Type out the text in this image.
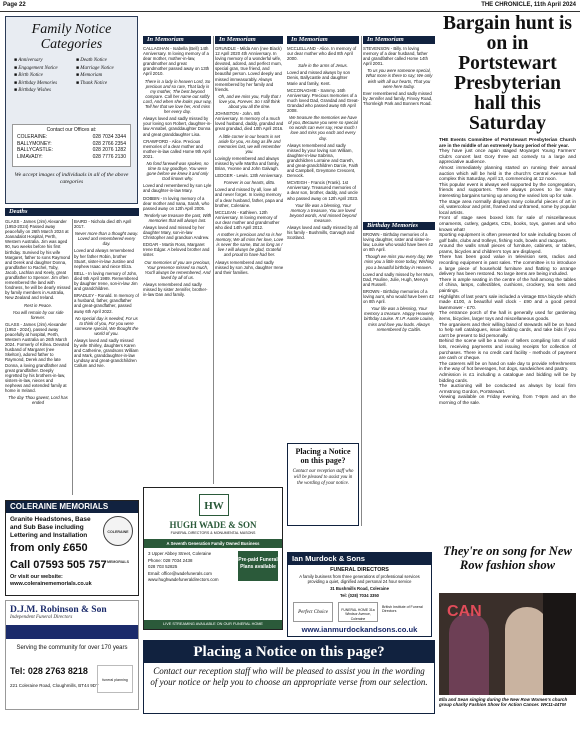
Page 22	THE CHRONICLE, 11th April 2024
Family Notice Categories
■ Anniversary
■ Engagement Notice
■ Birth Notice
■ Birthday Memories
■ Birthday Wishes
■ Death Notice
■ Marriage Notice
■ Memoriam
■ Thank Notice
Contact our Offices at:
COLERAINE:	028 7034 3344
BALLYMONEY:	028 2766 2354
BALLYCASTLE:	028 2076 1282
LIMAVADY:	028 7776 2130
We accept images of individuals in all of the above categories
Deaths

GLASS - James (Jim) Alexander (1953-2024) Passed away peacefully on 26th March 2024 at Joanadalot Hospital, Perth, Western Australia. Jim was aged 90, two weeks before his first birthday. Survived by his wife Margaret, father to sons Raymond and Derek and daughter Donna, grandfather to Rachel, Toby, Jacob, Lachlan and Keely, great grandfather to Spencer. Jim often remembered the land with fondness, he will be dearly missed by family members in Australia, New Zealand and Ireland.

Rest in Peace.

You will remain by our side forever.

GLASS - James (Jim) Alexander (1953 - 2024), passed away peacefully at hospital, Perth, Western Australia on 26th March 2024. Formerly of Kilrea. Devoted husband of Margaret (nee Skelton), adored father to Raymond, Derek and the late Donna, a loving grandfather and great grandfather. Deeply regretted by his brothers-in-law, sisters-in-law, nieces and nephews and extended family at home in Ireland.

The day Thou gavest, Lord has ended

BAIRD - Nichola died 4th April 2017.

Never more than a thought away. Loved and remembered every day.

Loved and always remembered by her father Robin, brother Stuart, sister-in-law Justine and nephew Isaac and niece Eliza.

BELL - In loving memory of John, died 9th April 1989. Remembered by daughter Irene, son-in-law Jim and grandchildren.

BRADLEY - Ronald. In memory of a husband, father, grandfather and great-grandfather, passed away 6th April 2022.

No special day is needed, For us to think of you, For you were someone special, We thought the world of you.

Always loved and sadly missed by wife Shirley, daughters Karen and Catherine, grandsons William and Mark, granddaughter-in-law Lyndsay and great-grandchildren Callum and Ivie.

COLERAINE MEMORIALS
COLERAINE MEMORIALS
Granite Headstones, Base and Sub Base including Lettering and Installation
from only £650
Call 07593 505 757
Or visit our website: www.colerainememorials.co.uk
D.J.M. Robinson & Son
Independent Funeral Directors
Serving the community for over 170 years
Tel: 028 2763 8218
221 Coleraine Road, Cloughmills, BT44 9DT
funeral planning
In Memoriam

CALLAGHAN - Isabella (Bell) 14th Anniversary. In loving memory of a dear mother, mother-in-law, grandmother and great grandmother passed away on 13th April 2010.

There is a lady in heaven Lord, So precious and so rare, That lady is my mother, The best beyond compare. Call her name out softly Lord, And when she looks your way, Tell her that we love her, And miss her every day.

Always loved and sadly missed by your loving son Robert, daughter-in-law Annabel, granddaughter Donna and great granddaughter Lisa.

CRAWFORD - Alice. Precious memories of a dear mother and mother-in-law called Home 9th April 2021.

No fond farewell was spoken, no time to say goodbye, You were gone before we knew it and only God knows why.

Loved and remembered by son Lyle and daughter-in-law Mary.

DOBBIN - In loving memory of a dear mother and nana, Sarah, who passed away on 12th April 2005.

Tenderly we treasure the past, With memories that will always last.

Always loved and missed by her daughter Mary, son-in-law Christopher and grandson Andrew.

EDGAR - Martin Ross, Margaret Irene Edgar. A beloved brother and sister.

Our memories of you are precious, Your presence missed so much, You'll always be remembered, And loved by all of us.

Always remembered and sadly missed by sister Jennifer, brother-in-law Dan and family.

In Memoriam

GRUNDLE - Milda Ann (nee Black) 12 April 2020 4th Anniversary. In loving memory of a wonderful wife, devoted, adored, and perfect mum, special gran, true friend, and beautiful person. Loved deeply and missed immeasurably. Always remembered by her family and friends.

Oh, and we miss you, Fully that I love you, Forever. So I still think about you all the time.

JOHNSTON - John. 8th Anniversary. In memory of a much loved husband, daddy, grandad and great grandad, died 10th April 2016.

A little corner in our hearts is set aside for you, As long as life and memories last, we will remember you.

Lovingly remembered and always missed by wife Martha and family, Brian, Yvonne and John Galvagh.

LEDGER - Lewis. 13th Anniversary.

Forever in our hearts, ditto.

Loved and missed by all, love all and never forget. In loving memory of a dear husband, father, papa and brother, Coleraine.

MCCLEAN - Kathleen. 12th Anniversary. In loving memory of our dear mother and grandmother who died 14th April 2012.

A mother is precious and so is her memory, We all miss her love, Love is never the same, But as long as I live I will always be glad, Grateful and proud to have had her.

Always remembered and sadly missed by son John, daughter Irene and their families.

In Memoriam

MCCLELLAND - Alice. In memory of our dear mother who died 8th April 2000.

Safe in the arms of Jesus.

Loved and missed always by son Denis, Ballycastle and daughter Marie and family, Kent.

MCCONAGHIE - Sammy. 16th Anniversary. Precious memories of a much loved Dad, Grandad and Great-Grandad who passed away 6th April 2008.

We treasure the memories we have of you, Because you were so special no words can ever say, How much I love and miss you each and every day.

Always remembered and sadly missed by your loving son William, daughter-in-law Sabrina, grandchildren Lorraine and Gareth, and great-grandchildren Darcie, Faith and Campbell, Greystone Crescent, Dervock.

MCVEIGH - Francis (Frank). 1st Anniversary. Treasured memories of a dear son, brother, daddy, and uncle who passed away on 12th April 2023.

Your life was a blessing, Your memory a treasure, You are loved beyond words, And missed beyond measure.

Always loved and sadly missed by all his family - Bushmills, Garvagh and Scotland.

In Memoriam

STEVENSON - Billy. In loving memory of a dear husband, father and grandfather called Home 14th April 2001.

To us you were someone special, What more is there to say; We only wish with all our hearts, That you were here today.

Ever remembered and sadly missed by Jennifer and family, Finvoy Road, Thornleigh Park and Bonners Road.

Birthday Memories

BROWN - Birthday memories of a loving daughter, sister and sister-in-law, Louise who would have been 42 on 8th April.

Though we miss you every day, We miss you a little more today, Wishing you a beautiful birthday in Heaven.

Loved and sadly missed by her Mum, Dad, Pauline, Julie, Hugh, Mervyn and Russell.

BROWN - Birthday memories of a loving aunt, who would have been 42 on 8th April.

Your life was a blessing, Your memory a treasure. Happy Heavenly birthday Louise. R.I.P. Auntie Louise, miss and love you loads. Always remembered by Caitlin.

Placing a Notice on this page?
Contact our reception staff who will be pleased to assist you in the wording of your notice.
HW
HUGH WADE & SON
FUNERAL DIRECTORS & MONUMENTAL MASONS
A Seventh Generation Family Owned Business
3 Upper Abbey Street, Coleraine
Phone: 028 7034 2438
028 703 52825
Email: office@wadefunerals.com
www.hughwadefuneraldirectors.com
Pre-paid Funeral Plans available
LIVE STREAMING AVAILABLE ON OUR FUNERAL HOME
Ian Murdock & Sons
FUNERAL DIRECTORS
A family business from three generations of professional services providing a quiet, dignified and personal 24 hour service
31 Bushmills Road, Coleraine
Tel: (028) 7034 3350
Perfect Choice	FUNERAL HOME 31a Windsor Avenue, Coleraine
British Institute of Funeral Directors
www.ianmurdockandsons.co.uk
Placing a Notice on this page?
Contact our reception staff who will be pleased to assist you in the wording of your notice or help you to choose an appropriate verse from our selection.
Bargain hunt is on in Portstewart Presbyterian hall this Saturday

THE Events Committee of Portstewart Presbyterian Church are in the middle of an extremely busy period of their year.

They have just once again staged Moyarget Young Farmers' Club's concert last Gory three act comedy to a large and appreciative audience.

Almost immediately planning started on running their annual auction which will be held in the church's Central Avenue hall complex this Saturday, April 13, commencing at 12 noon.

This popular event is always well supported by the congregation, friends and supporters. There always proves to be many interesting bargains turning up among the varied lots up for sale.

The stage area normally displays many colourful pieces of art in oil, watercolour and print, framed and unframed, some by popular local artists.

Front of stage sees boxed lots for sale of miscellaneous ornaments, cutlery, gadgets, CDs, books, toys, games and who knows what!

Sporting equipment is often presented for sale including boxes of golf balls, clubs and trolleys, fishing rods, bowls and racquets.

Around the walls small pieces of furniture, cabinets, or tables, prams, bicycles and children's toys are displayed.

There has been good value in television sets, radios and recording equipment in past sales. The committee is to introduce a large piece of household furniture and flatting to arrange delivery has been restored. No large items are being included.

There is ample seating in the centre of the hall among the tables of china, lamps, collectibles, cushions, crockery, tea sets and paintings.

Highlights of last year's sale included a vintage BSA bicycle which made £100, a beautiful wall clock - £90 and a good petrol lawnmower - £70.

The entrance porch of the hall is generally used for gardening items, bicycles, larger toys and miscellaneous goods.

The organisers and their willing band of stewards will be on hand to help sell catalogues, issue bidding cards, and take bids if you can't be present to bid personally.

Behind the scene will be a team of tellers compiling lots of sold lots, receiving payments and issuing receipts for collection of purchases. There is no credit card facility - methods of payment are cash or cheque.

The caterers will be on hand on sale day to provide refreshments in the way of hot beverages, hot dogs, sandwiches and pastry.

Admission is £1 including a catalogue and bidding will be by bidding cards.

The auctioning will be conducted as always by local firm Armstrong Gordon, Portstewart.

Viewing available on Friday evening, from 7-9pm and on the morning of the sale.

They're on song for New Row fashion show
CAN
Ella and Sean singing during the New Row Women's church group charity Fashion Show for Action Cancer. WK11-44TM
